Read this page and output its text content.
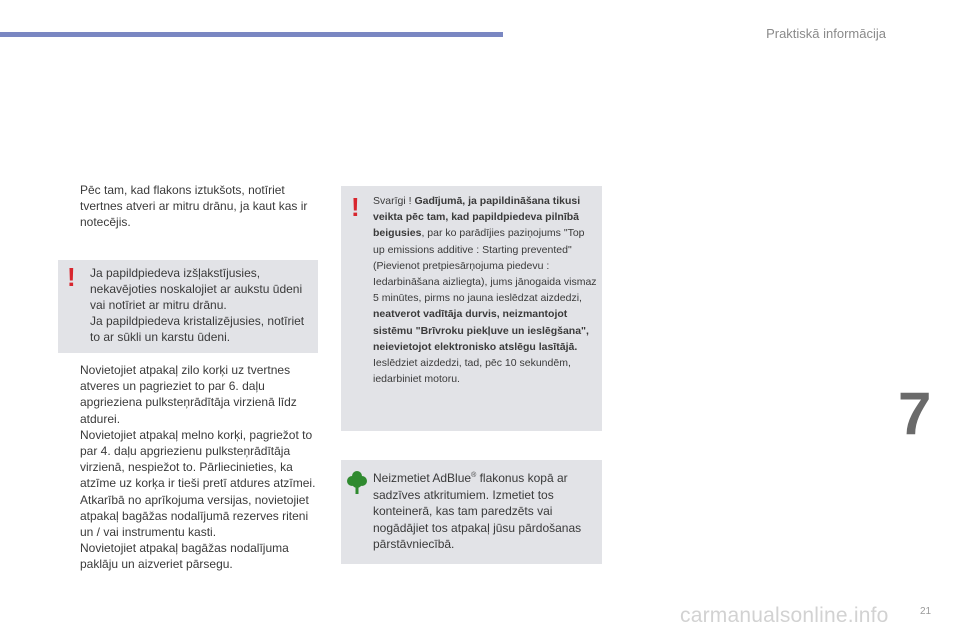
Praktiskā informācija
Pēc tam, kad flakons iztukšots, notīriet tvertnes atveri ar mitru drānu, ja kaut kas ir notecējis.
! Ja papildpiedeva izšļakstījusies, nekavējoties noskalojiet ar aukstu ūdeni vai notīriet ar mitru drānu.
Ja papildpiedeva kristalizējusies, notīriet to ar sūkli un karstu ūdeni.
Novietojiet atpakaļ zilo korķi uz tvertnes atveres un pagrieziet to par 6. daļu apgrieziena pulksteņrādītāja virzienā līdz atdurei.
Novietojiet atpakaļ melno korķi, pagriežot to par 4. daļu apgriezienu pulksteņrādītāja virzienā, nespiežot to. Pārliecinieties, ka atzīme uz korķa ir tieši pretī atdures atzīmei.
Atkarībā no aprīkojuma versijas, novietojiet atpakaļ bagāžas nodalījumā rezerves riteni un / vai instrumentu kasti.
Novietojiet atpakaļ bagāžas nodalījuma paklāju un aizveriet pārsegu.
! Svarīgi ! Gadījumā, ja papildināšana tikusi veikta pēc tam, kad papildpiedeva pilnībā beigusies, par ko parādījies paziņojums "Top up emissions additive : Starting prevented" (Pievienot pretpiesārņojuma piedevu : Iedarbināšana aizliegta), jums jānogaida vismaz 5 minūtes, pirms no jauna ieslēdzat aizdedzi, neatverot vadītāja durvis, neizmantojot sistēmu "Brīvroku piekļuve un ieslēgšana", neievietojot elektronisko atslēgu lasītājā. Ieslēdziet aizdedzi, tad, pēc 10 sekundēm, iedarbiniet motoru.
Neizmetiet AdBlue® flakonus kopā ar sadzīves atkritumiem. Izmetiet tos konteinerā, kas tam paredzēts vai nogādājiet tos atpakaļ jūsu pārdošanas pārstāvniecībā.
7
carmanualsonline.info	21
